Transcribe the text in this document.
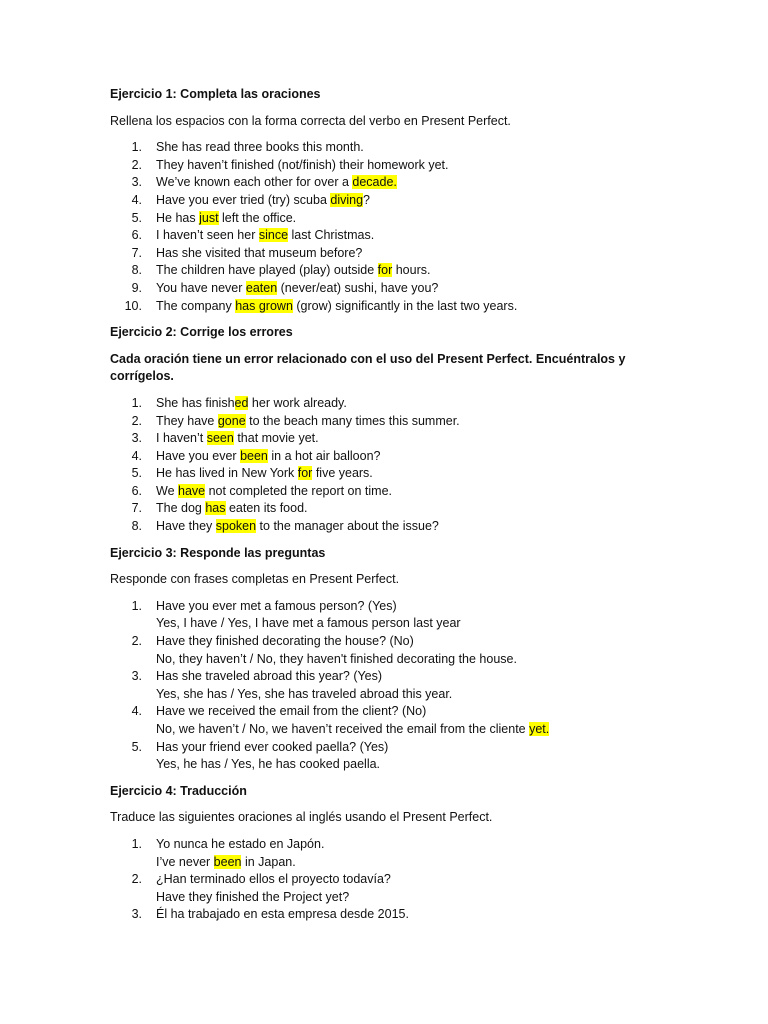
Ejercicio 1: Completa las oraciones

Rellena los espacios con la forma correcta del verbo en Present Perfect.

1. She has read three books this month.
2. They haven’t finished (not/finish) their homework yet.
3. We’ve known each other for over a decade.
4. Have you ever tried (try) scuba diving?
5. He has just left the office.
6. I haven’t seen her since last Christmas.
7. Has she visited that museum before?
8. The children have played (play) outside for hours.
9. You have never eaten (never/eat) sushi, have you?
10. The company has grown (grow) significantly in the last two years.

Ejercicio 2: Corrige los errores

Cada oración tiene un error relacionado con el uso del Present Perfect. Encuéntralos y corrígelos.

1. She has finished her work already.
2. They have gone to the beach many times this summer.
3. I haven’t seen that movie yet.
4. Have you ever been in a hot air balloon?
5. He has lived in New York for five years.
6. We have not completed the report on time.
7. The dog has eaten its food.
8. Have they spoken to the manager about the issue?

Ejercicio 3: Responde las preguntas

Responde con frases completas en Present Perfect.

1. Have you ever met a famous person? (Yes)
Yes, I have / Yes, I have met a famous person last year
2. Have they finished decorating the house? (No)
No, they haven’t / No, they haven't finished decorating the house.
3. Has she traveled abroad this year? (Yes)
Yes, she has / Yes, she has traveled abroad this year.
4. Have we received the email from the client? (No)
No, we haven’t / No, we haven’t received the email from the cliente yet.
5. Has your friend ever cooked paella? (Yes)
Yes, he has / Yes, he has cooked paella.

Ejercicio 4: Traducción

Traduce las siguientes oraciones al inglés usando el Present Perfect.

1. Yo nunca he estado en Japón.
I’ve never been in Japan.
2. ¿Han terminado ellos el proyecto todavía?
Have they finished the Project yet?
3. Él ha trabajado en esta empresa desde 2015.
